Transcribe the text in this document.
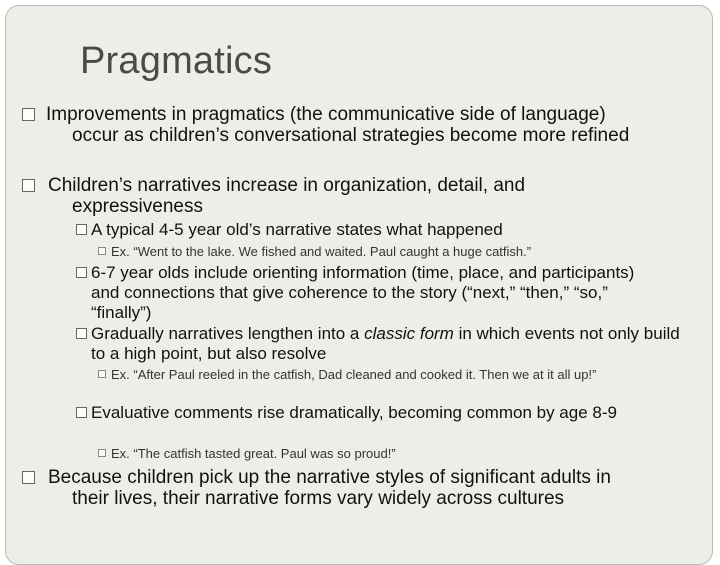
Pragmatics
Improvements in pragmatics (the communicative side of language) occur as children’s conversational strategies become more refined
Children’s narratives increase in organization, detail, and expressiveness
A typical 4-5 year old’s narrative states what happened
Ex. “Went to the lake. We fished and waited. Paul caught a huge catfish.”
6-7 year olds include orienting information (time, place, and participants) and connections that give coherence to the story (“next,” “then,” “so,” “finally”)
Gradually narratives lengthen into a classic form in which events not only build to a high point, but also resolve
Ex. “After Paul reeled in the catfish, Dad cleaned and cooked it. Then we at it all up!”
Evaluative comments rise dramatically, becoming common by age 8-9
Ex. “The catfish tasted great. Paul was so proud!”
Because children pick up the narrative styles of significant adults in their lives, their narrative forms vary widely across cultures
